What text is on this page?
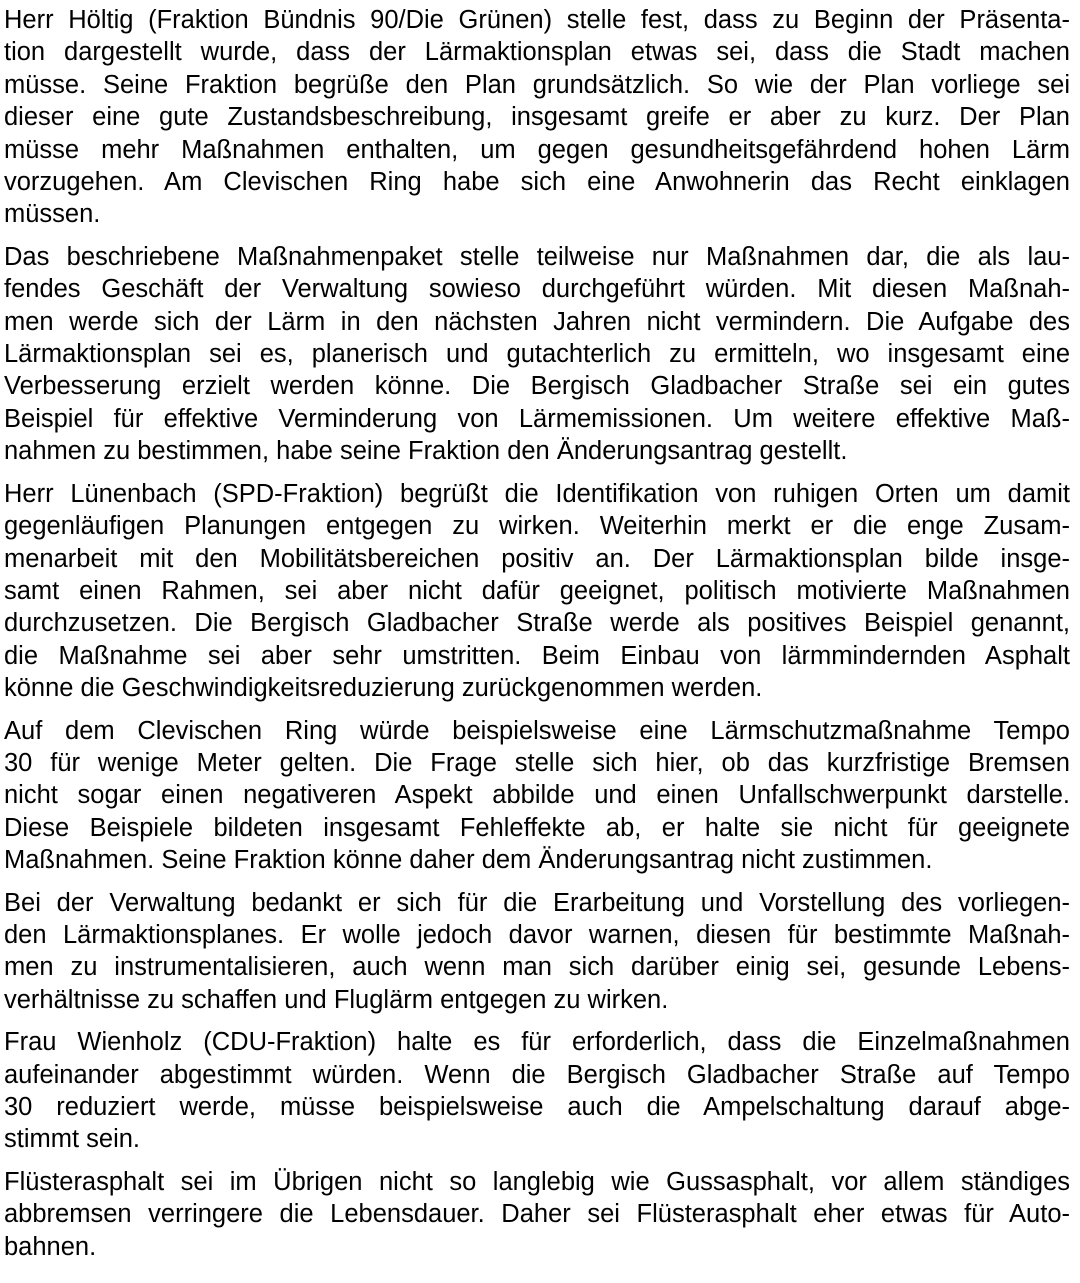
Herr Höltig (Fraktion Bündnis 90/Die Grünen) stelle fest, dass zu Beginn der Präsenta-
tion dargestellt wurde, dass der Lärmaktionsplan etwas sei, dass die Stadt machen
müsse. Seine Fraktion begrüße den Plan grundsätzlich. So wie der Plan vorliege sei
dieser eine gute Zustandsbeschreibung, insgesamt greife er aber zu kurz. Der Plan
müsse mehr Maßnahmen enthalten, um gegen gesundheitsgefährdend hohen Lärm
vorzugehen. Am Clevischen Ring habe sich eine Anwohnerin das Recht einklagen
müssen.

Das beschriebene Maßnahmenpaket stelle teilweise nur Maßnahmen dar, die als lau-
fendes Geschäft der Verwaltung sowieso durchgeführt würden. Mit diesen Maßnah-
men werde sich der Lärm in den nächsten Jahren nicht vermindern. Die Aufgabe des
Lärmaktionsplan sei es, planerisch und gutachterlich zu ermitteln, wo insgesamt eine
Verbesserung erzielt werden könne. Die Bergisch Gladbacher Straße sei ein gutes
Beispiel für effektive Verminderung von Lärmemissionen. Um weitere effektive Maß-
nahmen zu bestimmen, habe seine Fraktion den Änderungsantrag gestellt.

Herr Lünenbach (SPD-Fraktion) begrüßt die Identifikation von ruhigen Orten um damit
gegenläufigen Planungen entgegen zu wirken. Weiterhin merkt er die enge Zusam-
menarbeit mit den Mobilitätsbereichen positiv an. Der Lärmaktionsplan bilde insge-
samt einen Rahmen, sei aber nicht dafür geeignet, politisch motivierte Maßnahmen
durchzusetzen. Die Bergisch Gladbacher Straße werde als positives Beispiel genannt,
die Maßnahme sei aber sehr umstritten. Beim Einbau von lärmmindernden Asphalt
könne die Geschwindigkeitsreduzierung zurückgenommen werden.

Auf dem Clevischen Ring würde beispielsweise eine Lärmschutzmaßnahme Tempo
30 für wenige Meter gelten. Die Frage stelle sich hier, ob das kurzfristige Bremsen
nicht sogar einen negativeren Aspekt abbilde und einen Unfallschwerpunkt darstelle.
Diese Beispiele bildeten insgesamt Fehleffekte ab, er halte sie nicht für geeignete
Maßnahmen. Seine Fraktion könne daher dem Änderungsantrag nicht zustimmen.

Bei der Verwaltung bedankt er sich für die Erarbeitung und Vorstellung des vorliegen-
den Lärmaktionsplanes. Er wolle jedoch davor warnen, diesen für bestimmte Maßnah-
men zu instrumentalisieren, auch wenn man sich darüber einig sei, gesunde Lebens-
verhältnisse zu schaffen und Fluglärm entgegen zu wirken.

Frau Wienholz (CDU-Fraktion) halte es für erforderlich, dass die Einzelmaßnahmen
aufeinander abgestimmt würden. Wenn die Bergisch Gladbacher Straße auf Tempo
30 reduziert werde, müsse beispielsweise auch die Ampelschaltung darauf abge-
stimmt sein.

Flüsterasphalt sei im Übrigen nicht so langlebig wie Gussasphalt, vor allem ständiges
abbremsen verringere die Lebensdauer. Daher sei Flüsterasphalt eher etwas für Auto-
bahnen.
